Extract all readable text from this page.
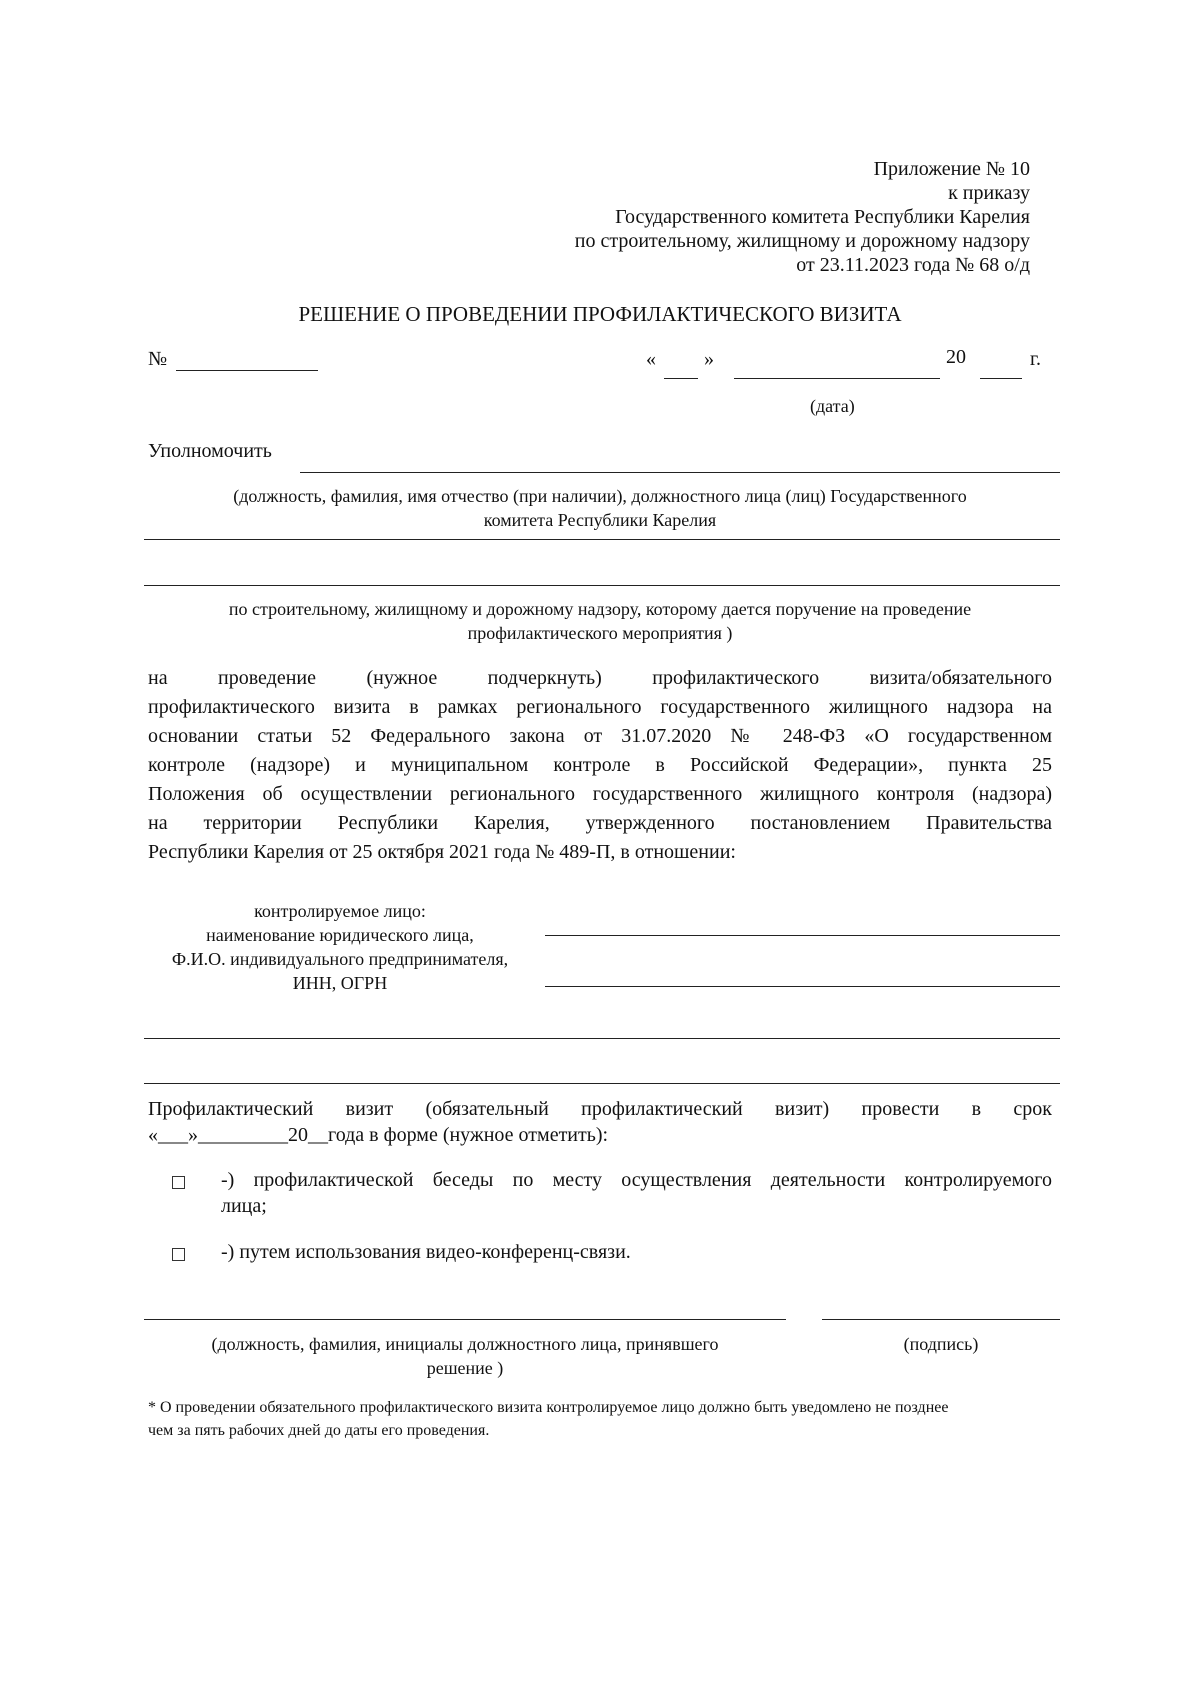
Приложение № 10
к приказу
Государственного комитета Республики Карелия
по строительному, жилищному и дорожному надзору
от 23.11.2023 года № 68 о/д
РЕШЕНИЕ О ПРОВЕДЕНИИ ПРОФИЛАКТИЧЕСКОГО ВИЗИТА
№	« »	20	г.
(дата)
Уполномочить
(должность, фамилия, имя отчество (при наличии), должностного лица (лиц) Государственного
комитета Республики Карелия
по строительному, жилищному и дорожному надзору, которому дается поручение на проведение
профилактического мероприятия )
на проведение (нужное подчеркнуть) профилактического визита/обязательного
профилактического визита в рамках регионального государственного жилищного надзора на
основании статьи 52 Федерального закона от 31.07.2020 № 248-ФЗ «О государственном
контроле (надзоре) и муниципальном контроле в Российской Федерации», пункта 25
Положения об осуществлении регионального государственного жилищного контроля (надзора)
на территории Республики Карелия, утвержденного постановлением Правительства
Республики Карелия от 25 октября 2021 года № 489-П, в отношении:
контролируемое лицо:
наименование юридического лица,
Ф.И.О. индивидуального предпринимателя,
ИНН, ОГРН
Профилактический визит (обязательный профилактический визит) провести в срок
«___»_________20__года в форме (нужное отметить):
-) профилактической беседы по месту осуществления деятельности контролируемого
лица;
-) путем использования видео-конференц-связи.
(должность, фамилия, инициалы должностного лица, принявшего
решение )
(подпись)
* О проведении обязательного профилактического визита контролируемое лицо должно быть уведомлено не позднее
чем за пять рабочих дней до даты его проведения.
